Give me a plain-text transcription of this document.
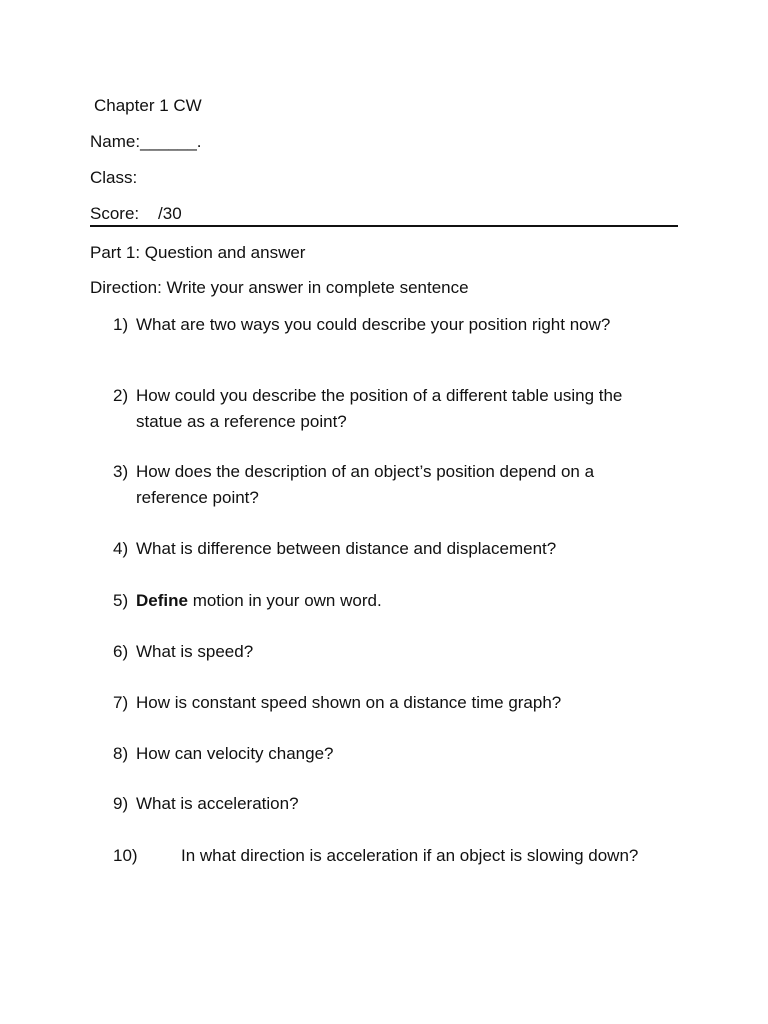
Chapter 1 CW
Name:______.
Class:
Score:    /30
Part 1: Question and answer
Direction: Write your answer in complete sentence
1) What are two ways you could describe your position right now?
2) How could you describe the position of a different table using the
statue as a reference point?
3) How does the description of an object’s position depend on a
reference point?
4) What is difference between distance and displacement?
5) Define motion in your own word.
6) What is speed?
7) How is constant speed shown on a distance time graph?
8) How can velocity change?
9) What is acceleration?
10)	In what direction is acceleration if an object is slowing down?
